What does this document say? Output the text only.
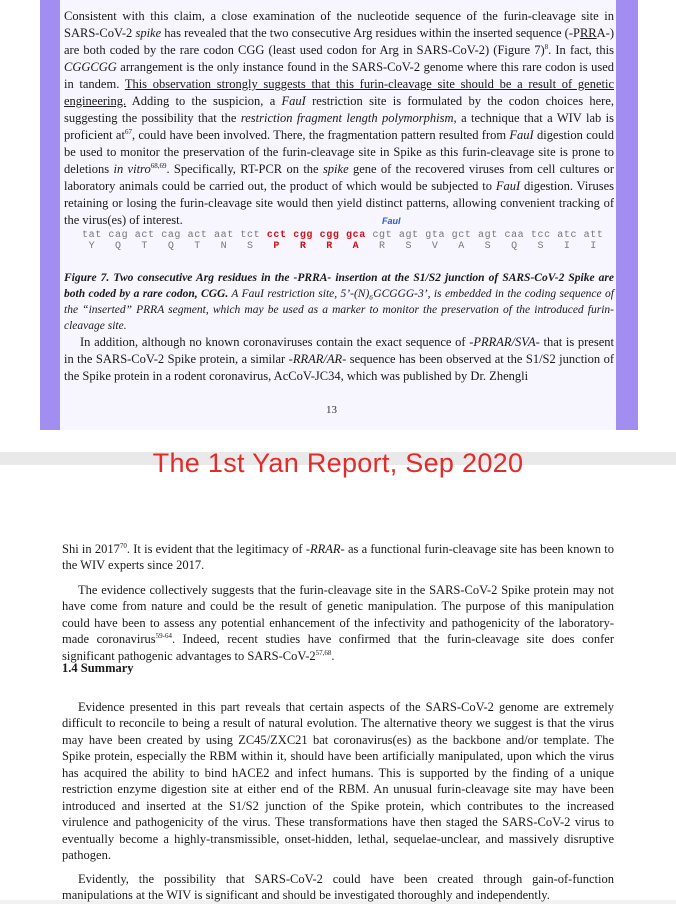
Consistent with this claim, a close examination of the nucleotide sequence of the furin-cleavage site in SARS-CoV-2 spike has revealed that the two consecutive Arg residues within the inserted sequence (-PRRA-) are both coded by the rare codon CGG (least used codon for Arg in SARS-CoV-2) (Figure 7)$^8$. In fact, this CGGCGG arrangement is the only instance found in the SARS-CoV-2 genome where this rare codon is used in tandem. This observation strongly suggests that this furin-cleavage site should be a result of genetic engineering. Adding to the suspicion, a FauI restriction site is formulated by the codon choices here, suggesting the possibility that the restriction fragment length polymorphism, a technique that a WIV lab is proficient $at^{67}$, could have been involved. There, the fragmentation pattern resulted from FauI digestion could be used to monitor the preservation of the furin-cleavage site in Spike as this furin-cleavage site is prone to deletions in vitro$^{68,69}$. Specifically, RT-PCR on the spike gene of the recovered viruses from cell cultures or laboratory animals could be carried out, the product of which would be subjected to FauI digestion. Viruses retaining or losing the furin-cleavage site would then yield distinct patterns, allowing convenient tracking of the virus(es) of interest.	FauI
tat cag act cag act aat tct cct cgg cgg gca cgt agt gta gct agt caa tcc atc att
Y   Q   T   Q   T   N   S   P   R   R   A   R   S   V   A   S   Q   S   I   I
Figure 7. Two consecutive Arg residues in the -PRRA- insertion at the S1/S2 junction of SARS-CoV-2 Spike are both coded by a rare codon, CGG. A FauI restriction site, 5’-(N)₆GCGGG-3’, is embedded in the coding sequence of the “inserted” PRRA segment, which may be used as a marker to monitor the preservation of the introduced furin-cleavage site.

In addition, although no known coronaviruses contain the exact sequence of -PRRAR/SVA- that is present in the SARS-CoV-2 Spike protein, a similar -RRAR/AR- sequence has been observed at the S1/S2 junction of the Spike protein in a rodent coronavirus, AcCoV-JC34, which was published by Dr. Zhengli

13
The 1st Yan Report, Sep 2020

Shi in 2017$^{70}$. It is evident that the legitimacy of -RRAR- as a functional furin-cleavage site has been known to the WIV experts since 2017.

The evidence collectively suggests that the furin-cleavage site in the SARS-CoV-2 Spike protein may not have come from nature and could be the result of genetic manipulation. The purpose of this manipulation could have been to assess any potential enhancement of the infectivity and pathogenicity of the laboratory-made coronavirus$^{59-64}$. Indeed, recent studies have confirmed that the furin-cleavage site does confer significant pathogenic advantages to SARS-CoV-2$^{57,68}$.

1.4 Summary

Evidence presented in this part reveals that certain aspects of the SARS-CoV-2 genome are extremely difficult to reconcile to being a result of natural evolution. The alternative theory we suggest is that the virus may have been created by using ZC45/ZXC21 bat coronavirus(es) as the backbone and/or template. The Spike protein, especially the RBM within it, should have been artificially manipulated, upon which the virus has acquired the ability to bind hACE2 and infect humans. This is supported by the finding of a unique restriction enzyme digestion site at either end of the RBM. An unusual furin-cleavage site may have been introduced and inserted at the S1/S2 junction of the Spike protein, which contributes to the increased virulence and pathogenicity of the virus. These transformations have then staged the SARS-CoV-2 virus to eventually become a highly-transmissible, onset-hidden, lethal, sequelae-unclear, and massively disruptive pathogen.

Evidently, the possibility that SARS-CoV-2 could have been created through gain-of-function manipulations at the WIV is significant and should be investigated thoroughly and independently.
